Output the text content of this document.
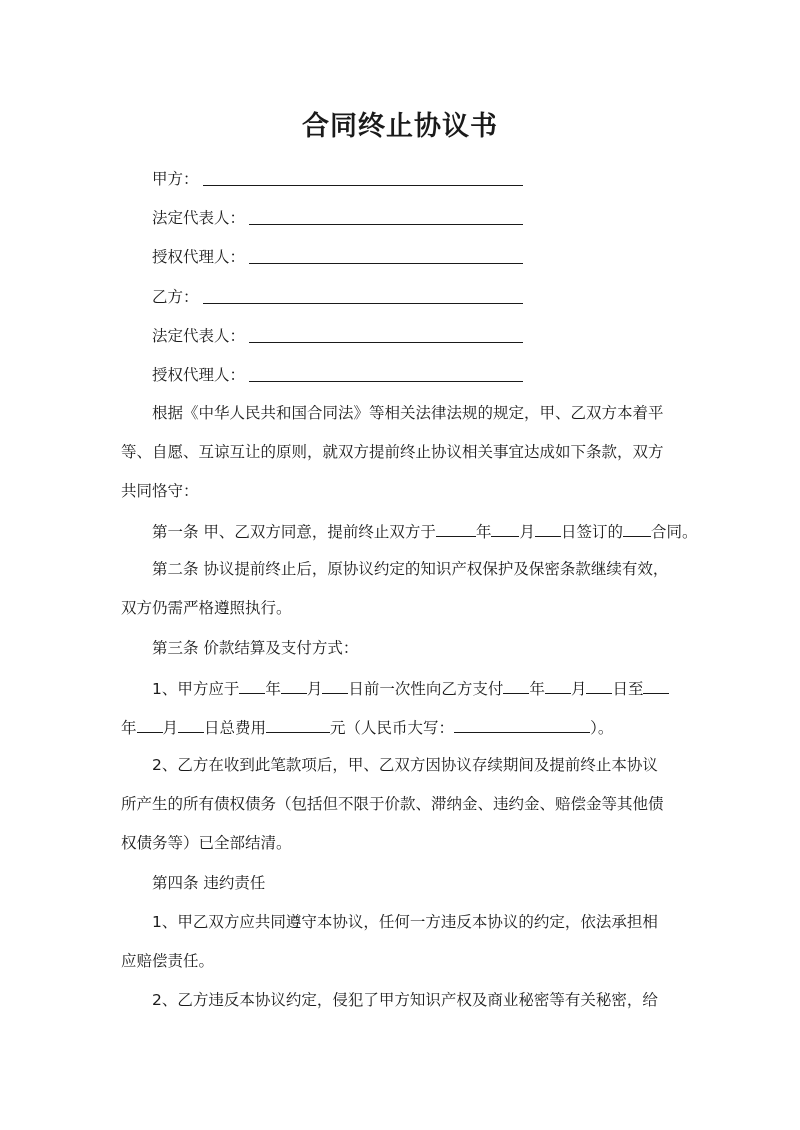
合同终止协议书
甲方：
法定代表人：
授权代理人：
乙方：
法定代表人：
授权代理人：
根据《中华人民共和国合同法》等相关法律法规的规定，甲、乙双方本着平
等、自愿、互谅互让的原则，就双方提前终止协议相关事宜达成如下条款，双方
共同恪守：
第一条 甲、乙双方同意，提前终止双方于	年 月 日签订的 合同。
第二条 协议提前终止后，原协议约定的知识产权保护及保密条款继续有效，
双方仍需严格遵照执行。
第三条 价款结算及支付方式：
1、甲方应于 年 月 日前一次性向乙方支付 年 月 日至
年 月 日总费用	元（人民币大写：	）。
2、乙方在收到此笔款项后，甲、乙双方因协议存续期间及提前终止本协议
所产生的所有债权债务（包括但不限于价款、滞纳金、违约金、赔偿金等其他债
权债务等）已全部结清。
第四条 违约责任
1、甲乙双方应共同遵守本协议，任何一方违反本协议的约定，依法承担相
应赔偿责任。
2、乙方违反本协议约定，侵犯了甲方知识产权及商业秘密等有关秘密，给
